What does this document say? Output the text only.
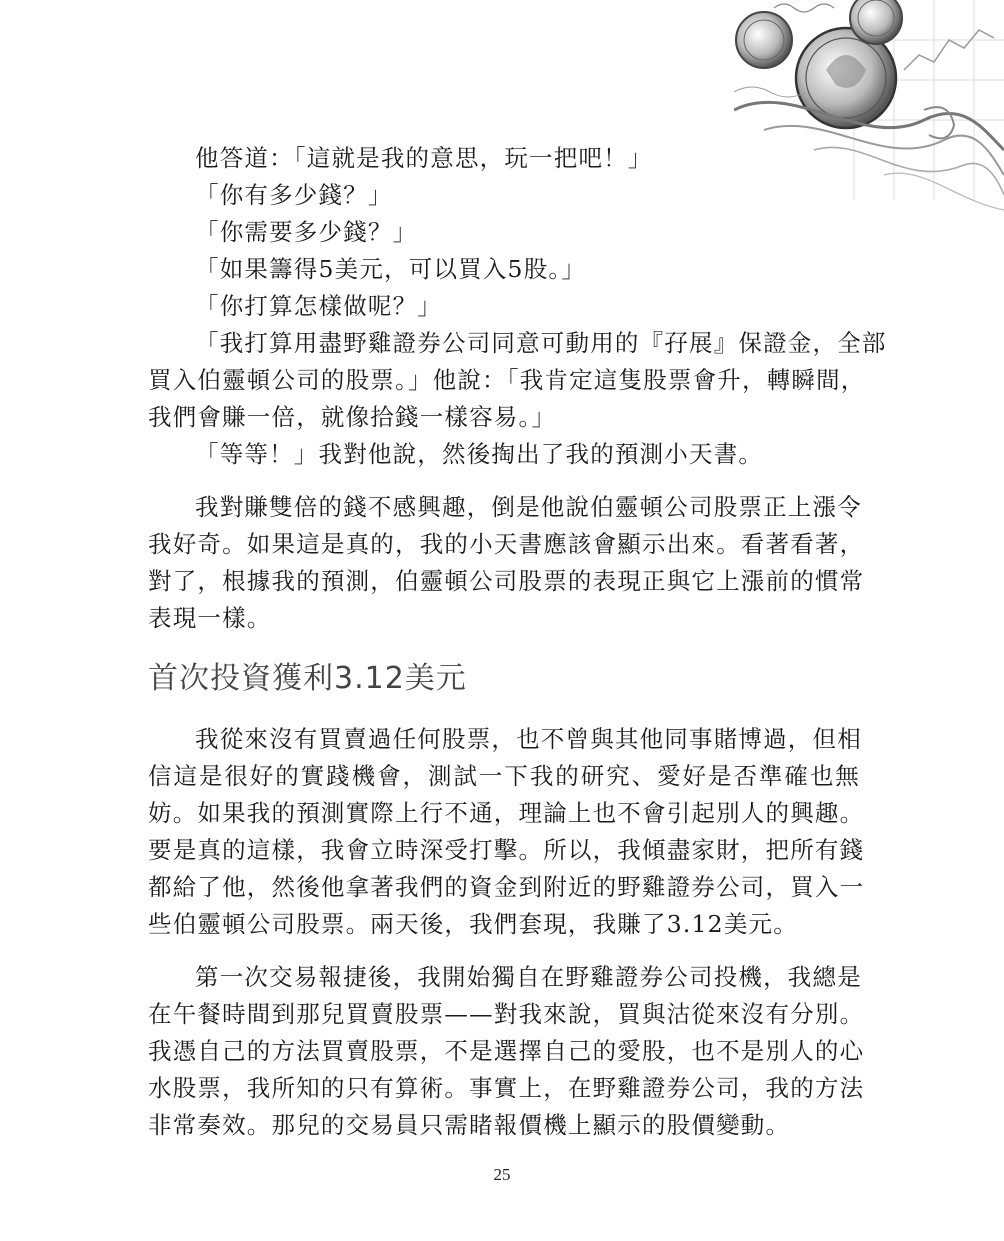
他答道：「這就是我的意思，玩一把吧！」

「你有多少錢？」

「你需要多少錢？」

「如果籌得5美元，可以買入5股。」

「你打算怎樣做呢？」

「我打算用盡野雞證券公司同意可動用的『孖展』保證金，全部

買入伯靈頓公司的股票。」他說：「我肯定這隻股票會升，轉瞬間，

我們會賺一倍，就像拾錢一樣容易。」

「等等！」我對他說，然後掏出了我的預測小天書。

我對賺雙倍的錢不感興趣，倒是他說伯靈頓公司股票正上漲令

我好奇。如果這是真的，我的小天書應該會顯示出來。看著看著，

對了，根據我的預測，伯靈頓公司股票的表現正與它上漲前的慣常

表現一樣。

首次投資獲利3.12美元

我從來沒有買賣過任何股票，也不曾與其他同事賭博過，但相

信這是很好的實踐機會，測試一下我的研究、愛好是否準確也無

妨。如果我的預測實際上行不通，理論上也不會引起別人的興趣。

要是真的這樣，我會立時深受打擊。所以，我傾盡家財，把所有錢

都給了他，然後他拿著我們的資金到附近的野雞證券公司，買入一

些伯靈頓公司股票。兩天後，我們套現，我賺了3.12美元。

第一次交易報捷後，我開始獨自在野雞證券公司投機，我總是

在午餐時間到那兒買賣股票——對我來說，買與沽從來沒有分別。

我憑自己的方法買賣股票，不是選擇自己的愛股，也不是別人的心

水股票，我所知的只有算術。事實上，在野雞證券公司，我的方法

非常奏效。那兒的交易員只需睹報價機上顯示的股價變動。

25
